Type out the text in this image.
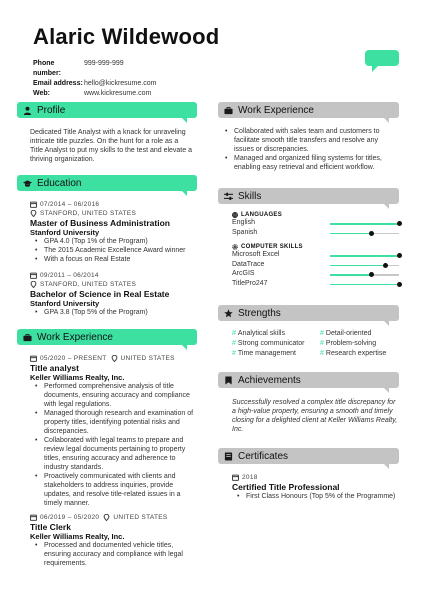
Alaric Wildewood
Phone number:
999-999-999
Email address: hello@kickresume.com
Web:	www.kickresume.com
Profile
Dedicated Title Analyst with a knack for unraveling intricate title puzzles. On the hunt for a role as a Title Analyst to put my skills to the test and elevate a thriving organization.
Education
07/2014 – 06/2016
STANFORD, UNITED STATES
Master of Business Administration
Stanford University
• GPA 4.0 (Top 1% of the Program)
• The 2015 Academic Excellence Award winner
• With a focus on Real Estate
09/2011 – 06/2014
STANFORD, UNITED STATES
Bachelor of Science in Real Estate
Stanford University
• GPA 3.8 (Top 5% of the Program)
Work Experience
05/2020 – PRESENT UNITED STATES
Title analyst
Keller Williams Realty, Inc.
• Performed comprehensive analysis of title documents, ensuring accuracy and compliance with legal regulations.
• Managed thorough research and examination of property titles, identifying potential risks and discrepancies.
• Collaborated with legal teams to prepare and review legal documents pertaining to property titles, ensuring accuracy and adherence to industry standards.
• Proactively communicated with clients and stakeholders to address inquiries, provide updates, and resolve title-related issues in a timely manner.
06/2019 – 05/2020 UNITED STATES
Title Clerk
Keller Williams Realty, Inc.
• Processed and documented vehicle titles, ensuring accuracy and compliance with legal requirements.
Work Experience
• Collaborated with sales team and customers to facilitate smooth title transfers and resolve any issues or discrepancies.
• Managed and organized filing systems for titles, enabling easy retrieval and efficient workflow.
Skills
LANGUAGES
English
Spanish
COMPUTER SKILLS
Microsoft Excel
DataTrace
ArcGIS
TitlePro247
Strengths
# Analytical skills	# Detail-oriented
# Strong communicator	# Problem-solving
# Time management	# Research expertise
Achievements
Successfully resolved a complex title discrepancy for a high-value property, ensuring a smooth and timely closing for a delighted client at Keller Williams Realty, Inc.
Certificates
2018
Certified Title Professional
• First Class Honours (Top 5% of the Programme)
